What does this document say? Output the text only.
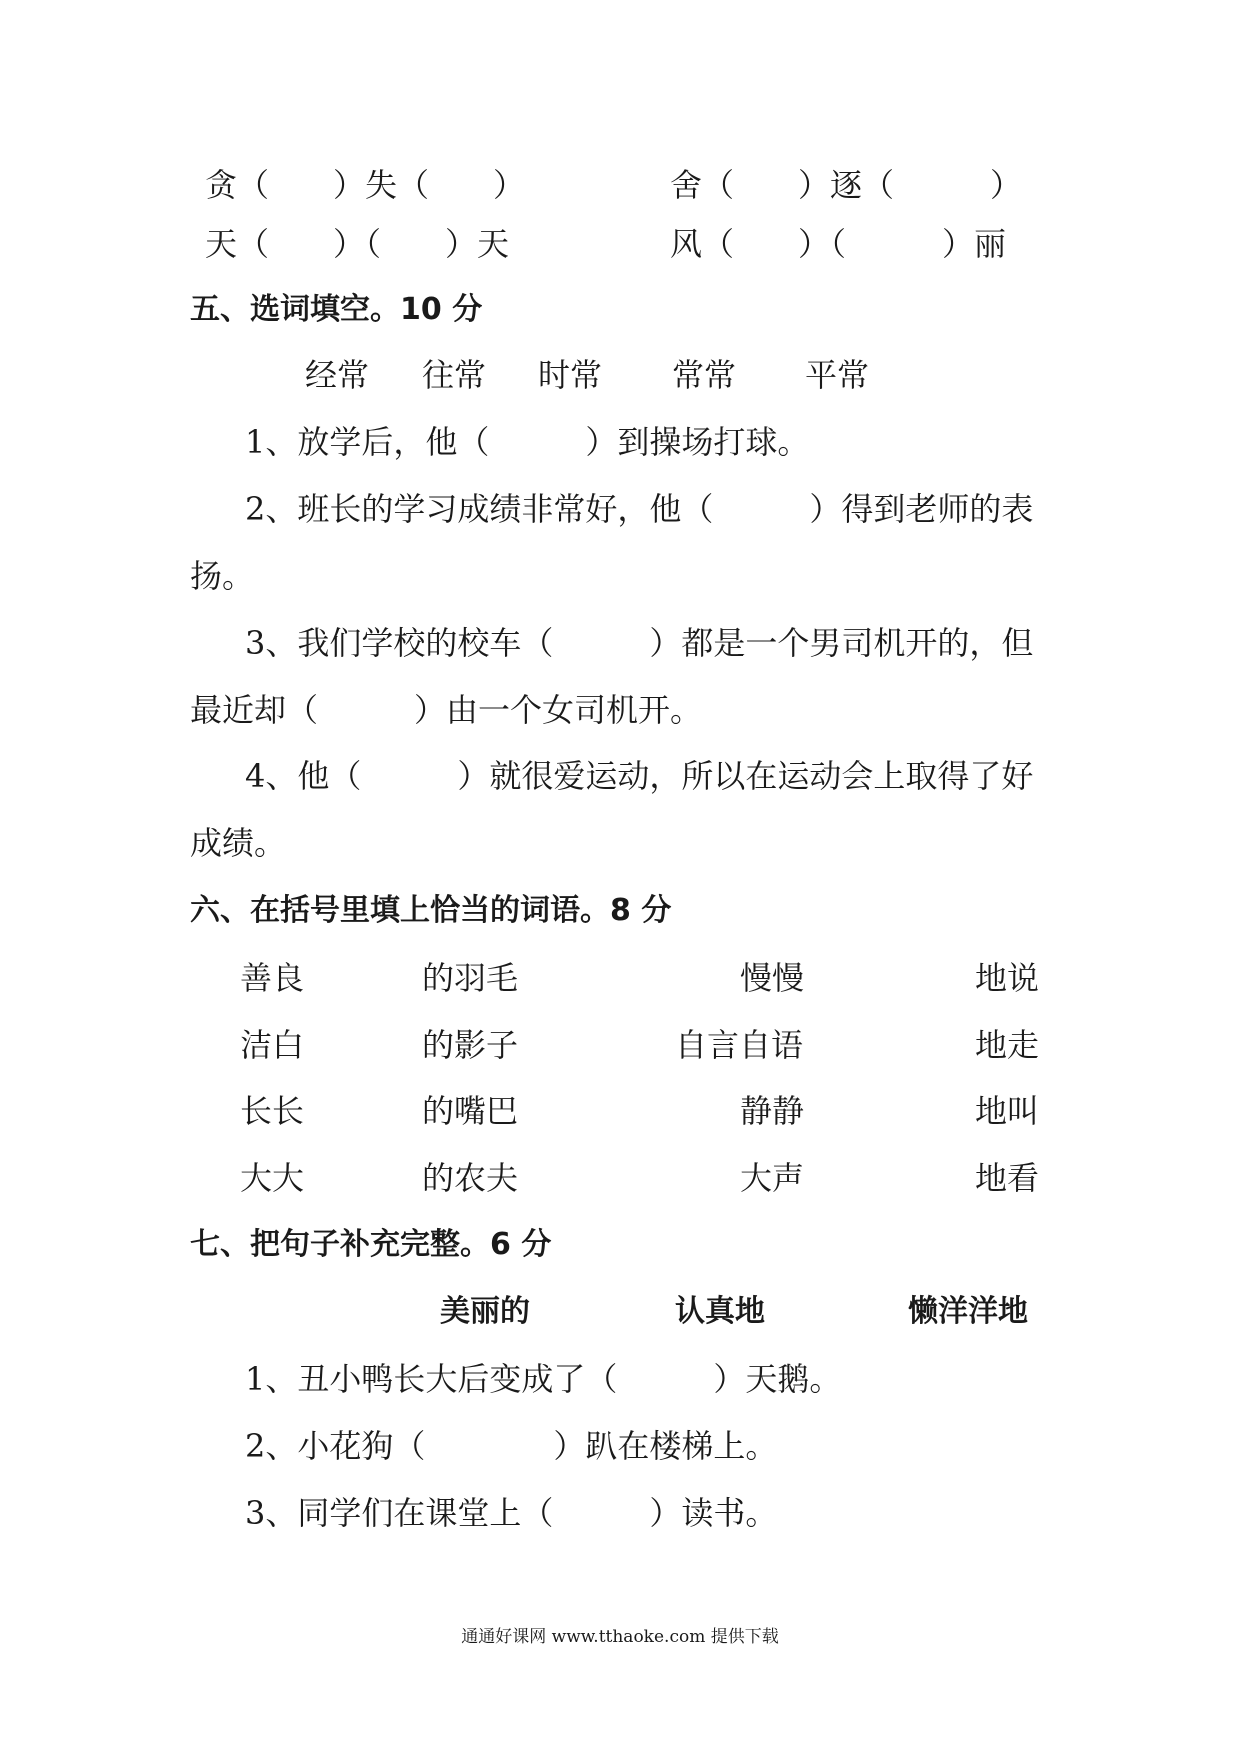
贪（　　）失（　　）	舍（　　）逐（　　　）
天（　　）（　　）天	风（　　）（　　　）丽
五、选词填空。10 分
经常 往常 时常 常常 平常
1、放学后，他（　　　）到操场打球。
2、班长的学习成绩非常好，他（　　　）得到老师的表
扬。
3、我们学校的校车（　　　）都是一个男司机开的，但
最近却（　　　）由一个女司机开。
4、他（　　　）就很爱运动，所以在运动会上取得了好
成绩。
六、在括号里填上恰当的词语。8 分
善良	的羽毛	慢慢	地说
洁白	的影子	自言自语	地走
长长	的嘴巴	静静	地叫
大大	的农夫	大声	地看
七、把句子补充完整。6 分
美丽的	认真地	懒洋洋地
1、丑小鸭长大后变成了（　　　）天鹅。
2、小花狗（　　　　）趴在楼梯上。
3、同学们在课堂上（　　　）读书。
通通好课网 www.tthaoke.com 提供下载
